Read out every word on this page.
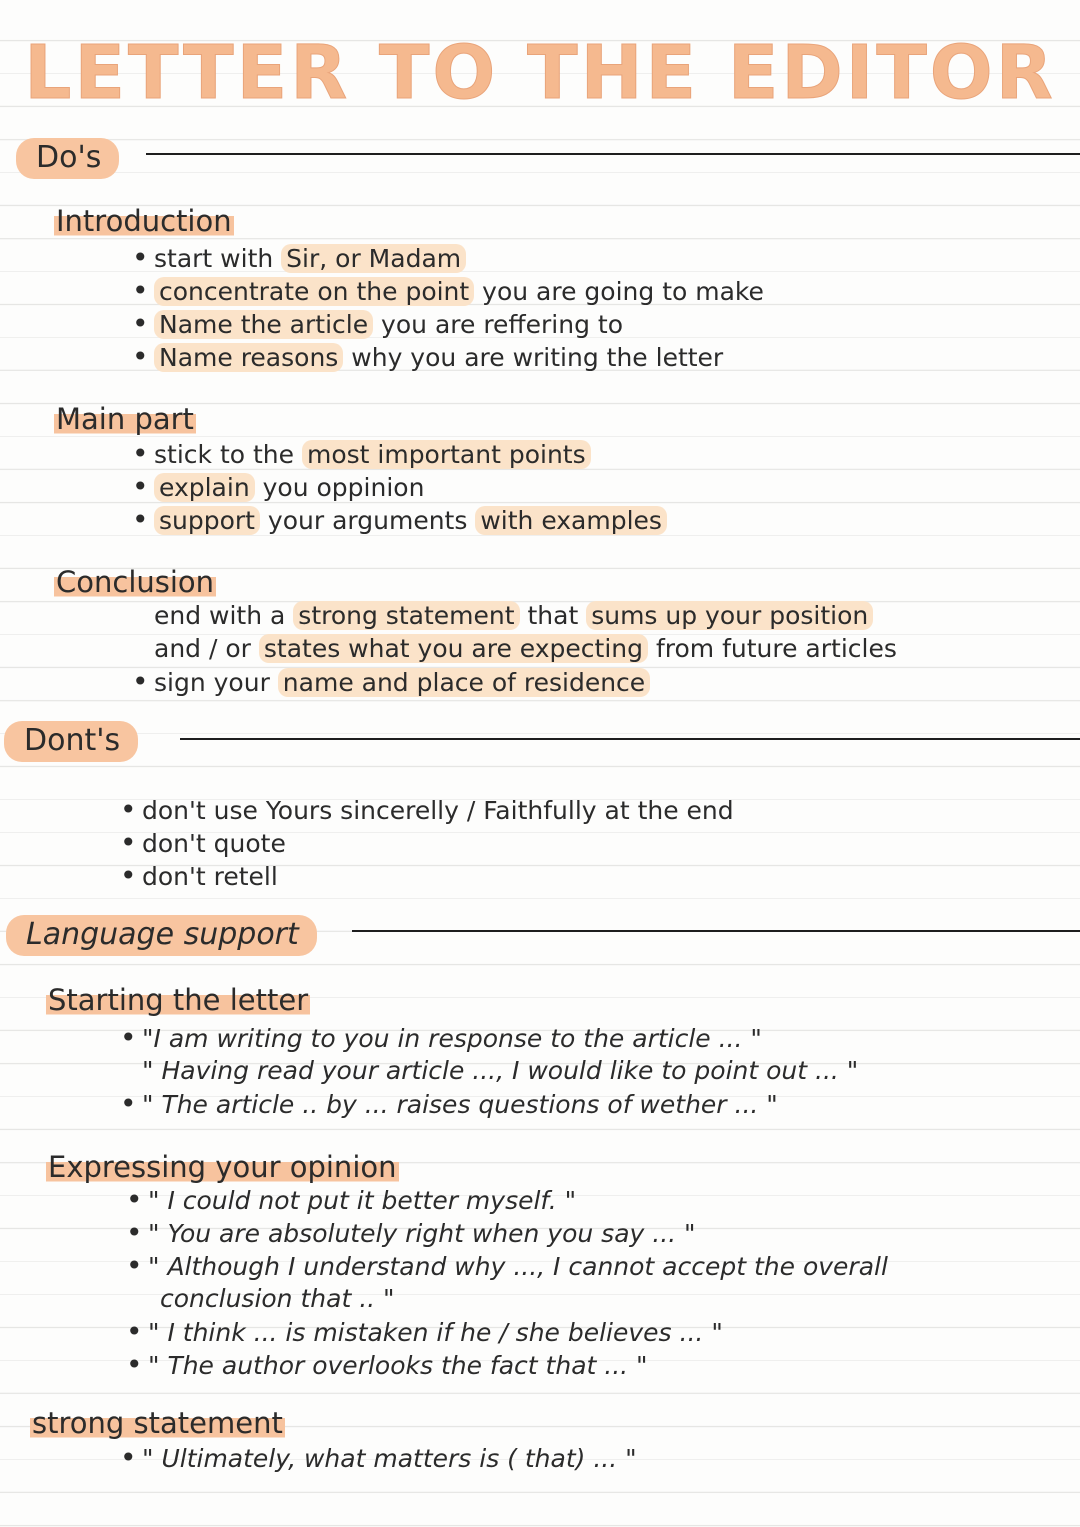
LETTER TO THE EDITOR
Do's
Introduction
• start with Sir, or Madam
• concentrate on the point you are going to make
• Name the article you are reffering to
• Name reasons why you are writing the letter
Main part
• stick to the most important points
• explain you oppinion
• support your arguments with examples
Conclusion
end with a strong statement that sums up your position
and / or states what you are expecting from future articles
• sign your name and place of residence
Dont's
• don't use Yours sincerelly / Faithfully at the end
• don't quote
• don't retell
Language support
Starting the letter
• "I am writing to you in response to the article ... "
" Having read your article ..., I would like to point out ... "
• " The article .. by ... raises questions of wether ... "
Expressing your opinion
• " I could not put it better myself. "
• " You are absolutely right when you say ... "
• " Although I understand why ..., I cannot accept the overall
conclusion that .. "
• " I think ... is mistaken if he / she believes ... "
• " The author overlooks the fact that ... "
strong statement
• " Ultimately, what matters is ( that) ... "
